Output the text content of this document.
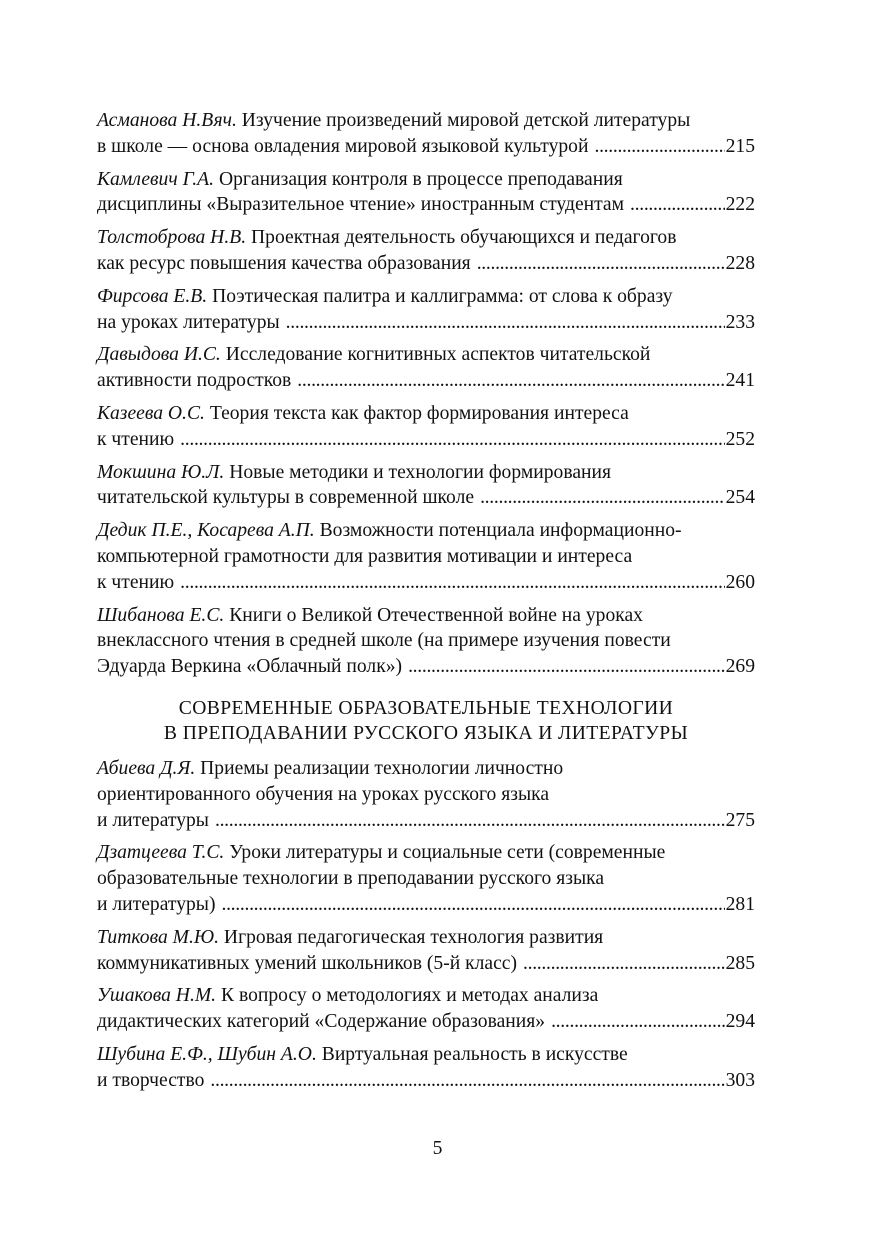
Асманова Н.Вяч. Изучение произведений мировой детской литературы
в школе — основа овладения мировой языковой культурой . . .	215
Камлевич Г.А. Организация контроля в процессе преподавания
дисциплины «Выразительное чтение» иностранным студентам . . .	222
Толстоброва Н.В. Проектная деятельность обучающихся и педагогов
как ресурс повышения качества образования . . .	228
Фирсова Е.В. Поэтическая палитра и каллиграмма: от слова к образу
на уроках литературы . . .	233
Давыдова И.С. Исследование когнитивных аспектов читательской
активности подростков . . .	241
Казеева О.С. Теория текста как фактор формирования интереса
к чтению . . .	252
Мокшина Ю.Л. Новые методики и технологии формирования
читательской культуры в современной школе . . .	254
Дедик П.Е., Косарева А.П. Возможности потенциала информационно-
компьютерной грамотности для развития мотивации и интереса
к чтению . . .	260
Шибанова Е.С. Книги о Великой Отечественной войне на уроках
внеклассного чтения в средней школе (на примере изучения повести
Эдуарда Веркина «Облачный полк») . . .	269
СОВРЕМЕННЫЕ ОБРАЗОВАТЕЛЬНЫЕ ТЕХНОЛОГИИ
В ПРЕПОДАВАНИИ РУССКОГО ЯЗЫКА И ЛИТЕРАТУРЫ
Абиева Д.Я. Приемы реализации технологии личностно
ориентированного обучения на уроках русского языка
и литературы . . .	275
Дзатцеева Т.С. Уроки литературы и социальные сети (современные
образовательные технологии в преподавании русского языка
и литературы) . . .	281
Титкова М.Ю. Игровая педагогическая технология развития
коммуникативных умений школьников (5-й класс) . . .	285
Ушакова Н.М. К вопросу о методологиях и методах анализа
дидактических категорий «Содержание образования» . . .	294
Шубина Е.Ф., Шубин А.О. Виртуальная реальность в искусстве
и творчество . . .	303
5
